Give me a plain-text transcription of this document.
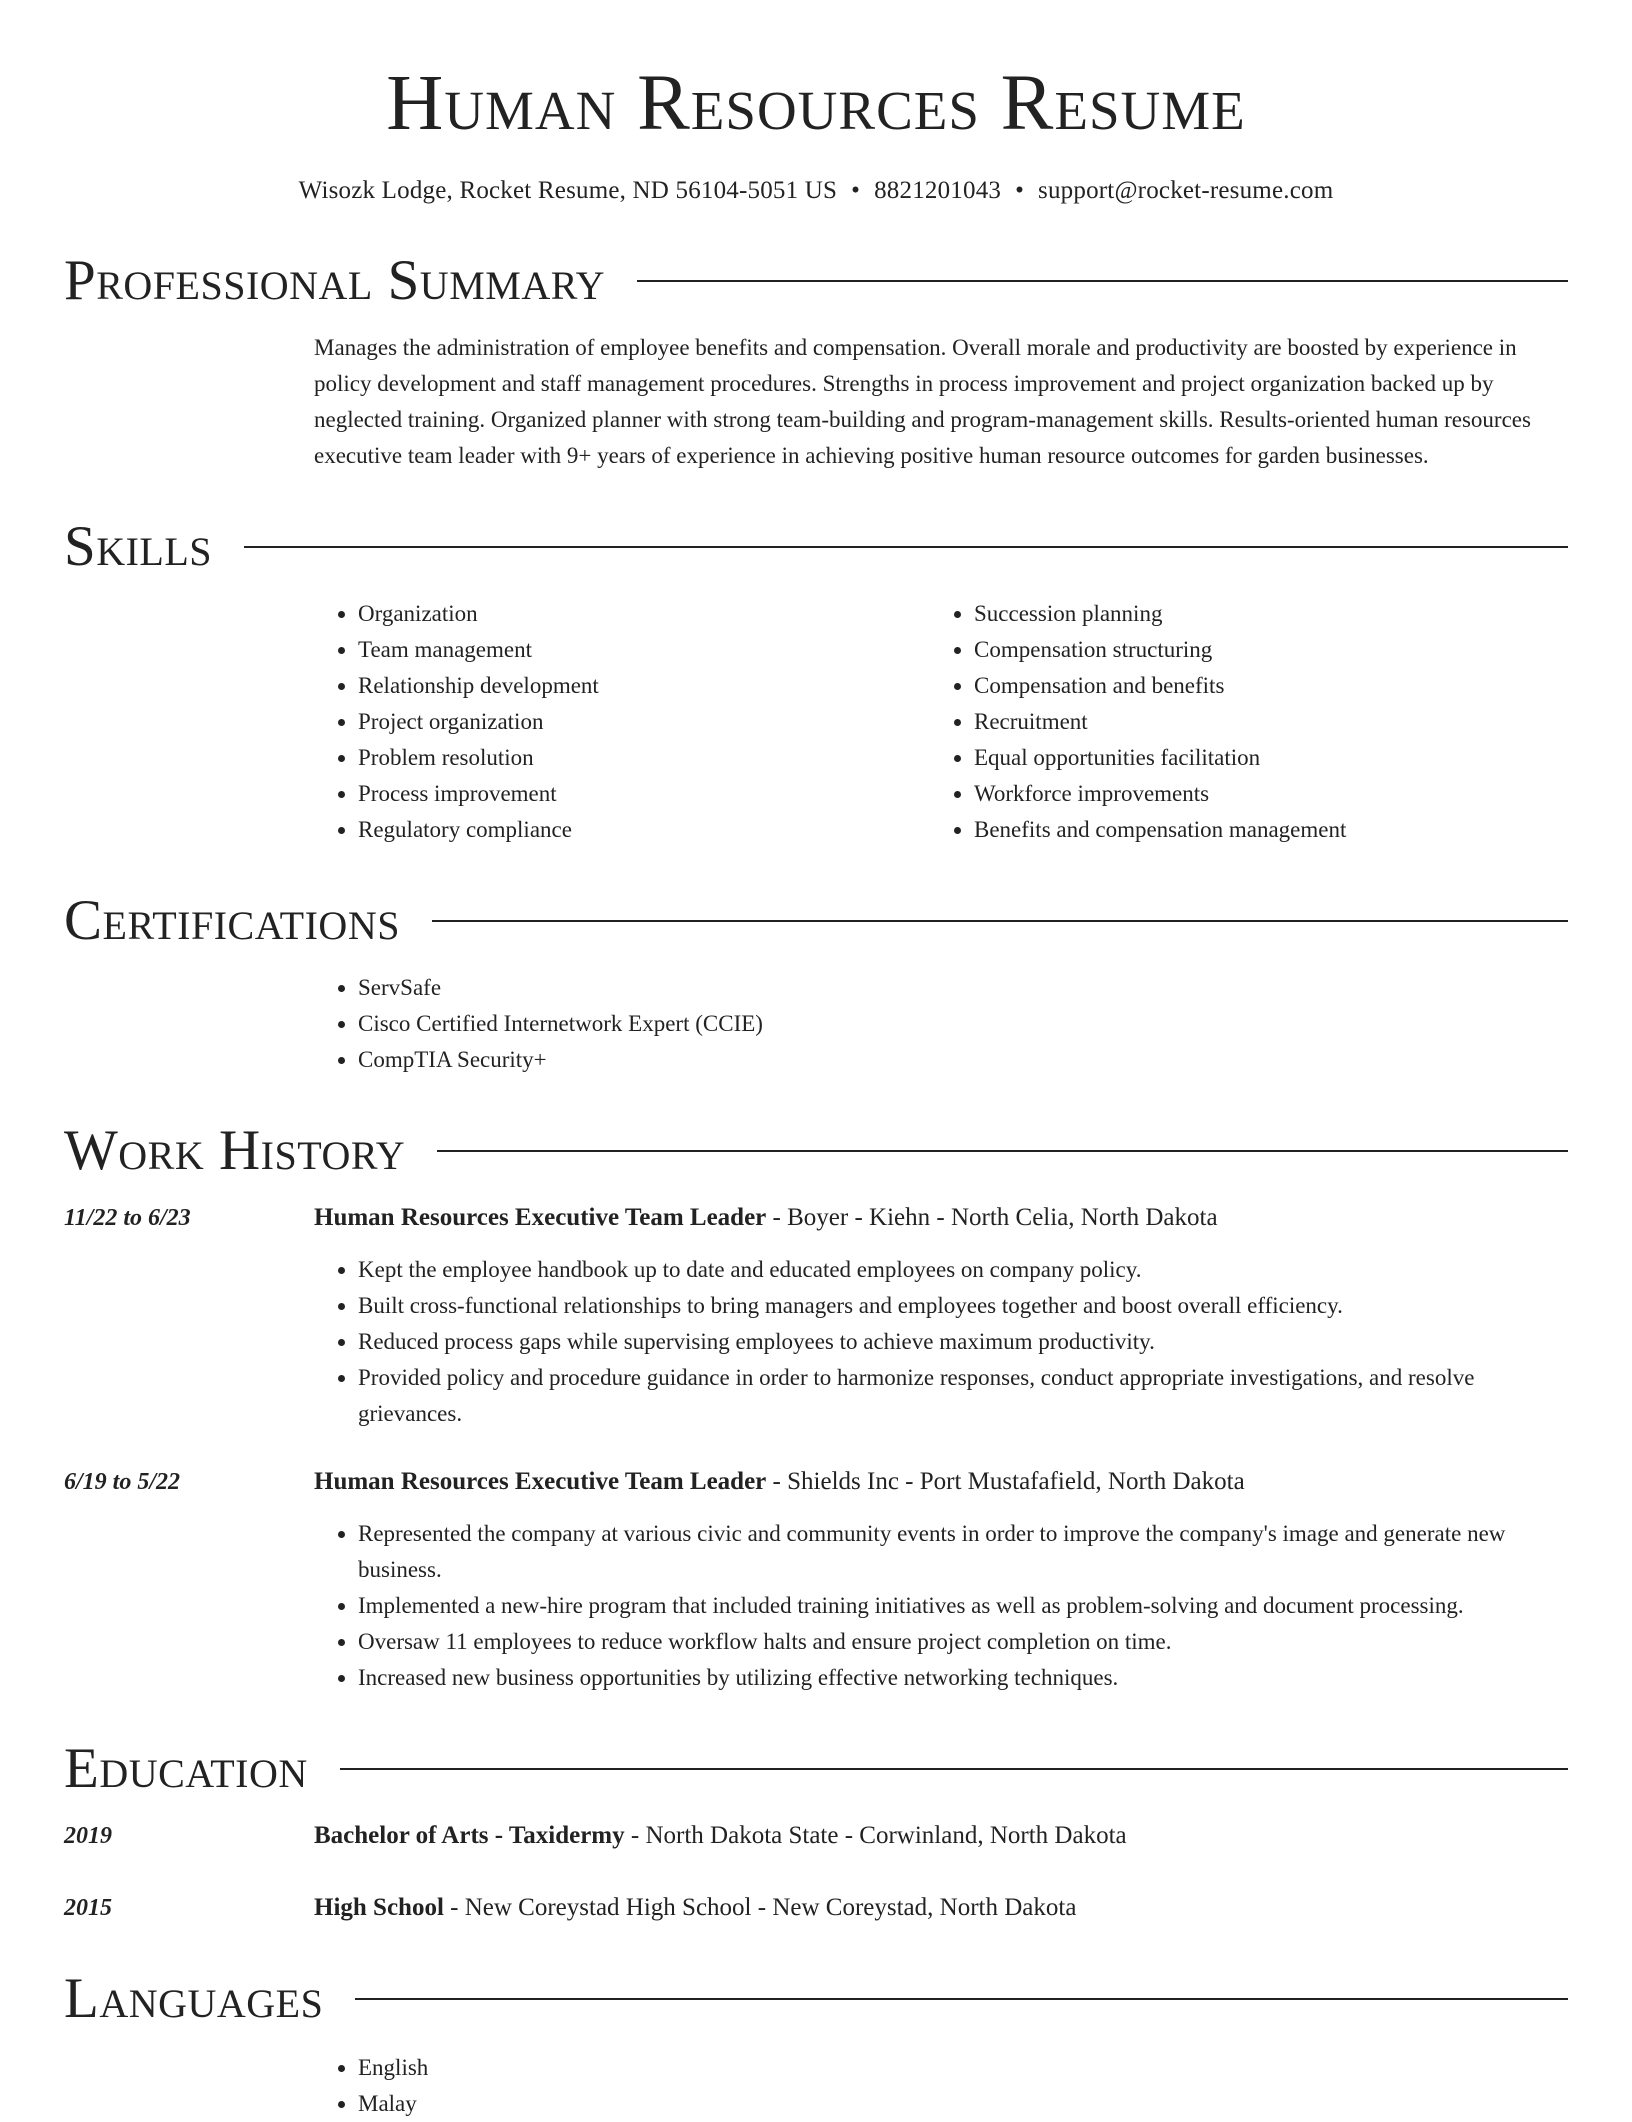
Human Resources Resume
Wisozk Lodge, Rocket Resume, ND 56104-5051 US • 8821201043 • support@rocket-resume.com
Professional Summary
Manages the administration of employee benefits and compensation. Overall morale and productivity are boosted by experience in policy development and staff management procedures. Strengths in process improvement and project organization backed up by neglected training. Organized planner with strong team-building and program-management skills. Results-oriented human resources executive team leader with 9+ years of experience in achieving positive human resource outcomes for garden businesses.
Skills
• Organization
• Team management
• Relationship development
• Project organization
• Problem resolution
• Process improvement
• Regulatory compliance
• Succession planning
• Compensation structuring
• Compensation and benefits
• Recruitment
• Equal opportunities facilitation
• Workforce improvements
• Benefits and compensation management
Certifications
• ServSafe
• Cisco Certified Internetwork Expert (CCIE)
• CompTIA Security+
Work History
11/22 to 6/23	Human Resources Executive Team Leader - Boyer - Kiehn - North Celia, North Dakota
• Kept the employee handbook up to date and educated employees on company policy.
• Built cross-functional relationships to bring managers and employees together and boost overall efficiency.
• Reduced process gaps while supervising employees to achieve maximum productivity.
• Provided policy and procedure guidance in order to harmonize responses, conduct appropriate investigations, and resolve grievances.
6/19 to 5/22	Human Resources Executive Team Leader - Shields Inc - Port Mustafafield, North Dakota
• Represented the company at various civic and community events in order to improve the company's image and generate new business.
• Implemented a new-hire program that included training initiatives as well as problem-solving and document processing.
• Oversaw 11 employees to reduce workflow halts and ensure project completion on time.
• Increased new business opportunities by utilizing effective networking techniques.
Education
2019	Bachelor of Arts - Taxidermy - North Dakota State - Corwinland, North Dakota
2015	High School - New Coreystad High School - New Coreystad, North Dakota
Languages
• English
• Malay
